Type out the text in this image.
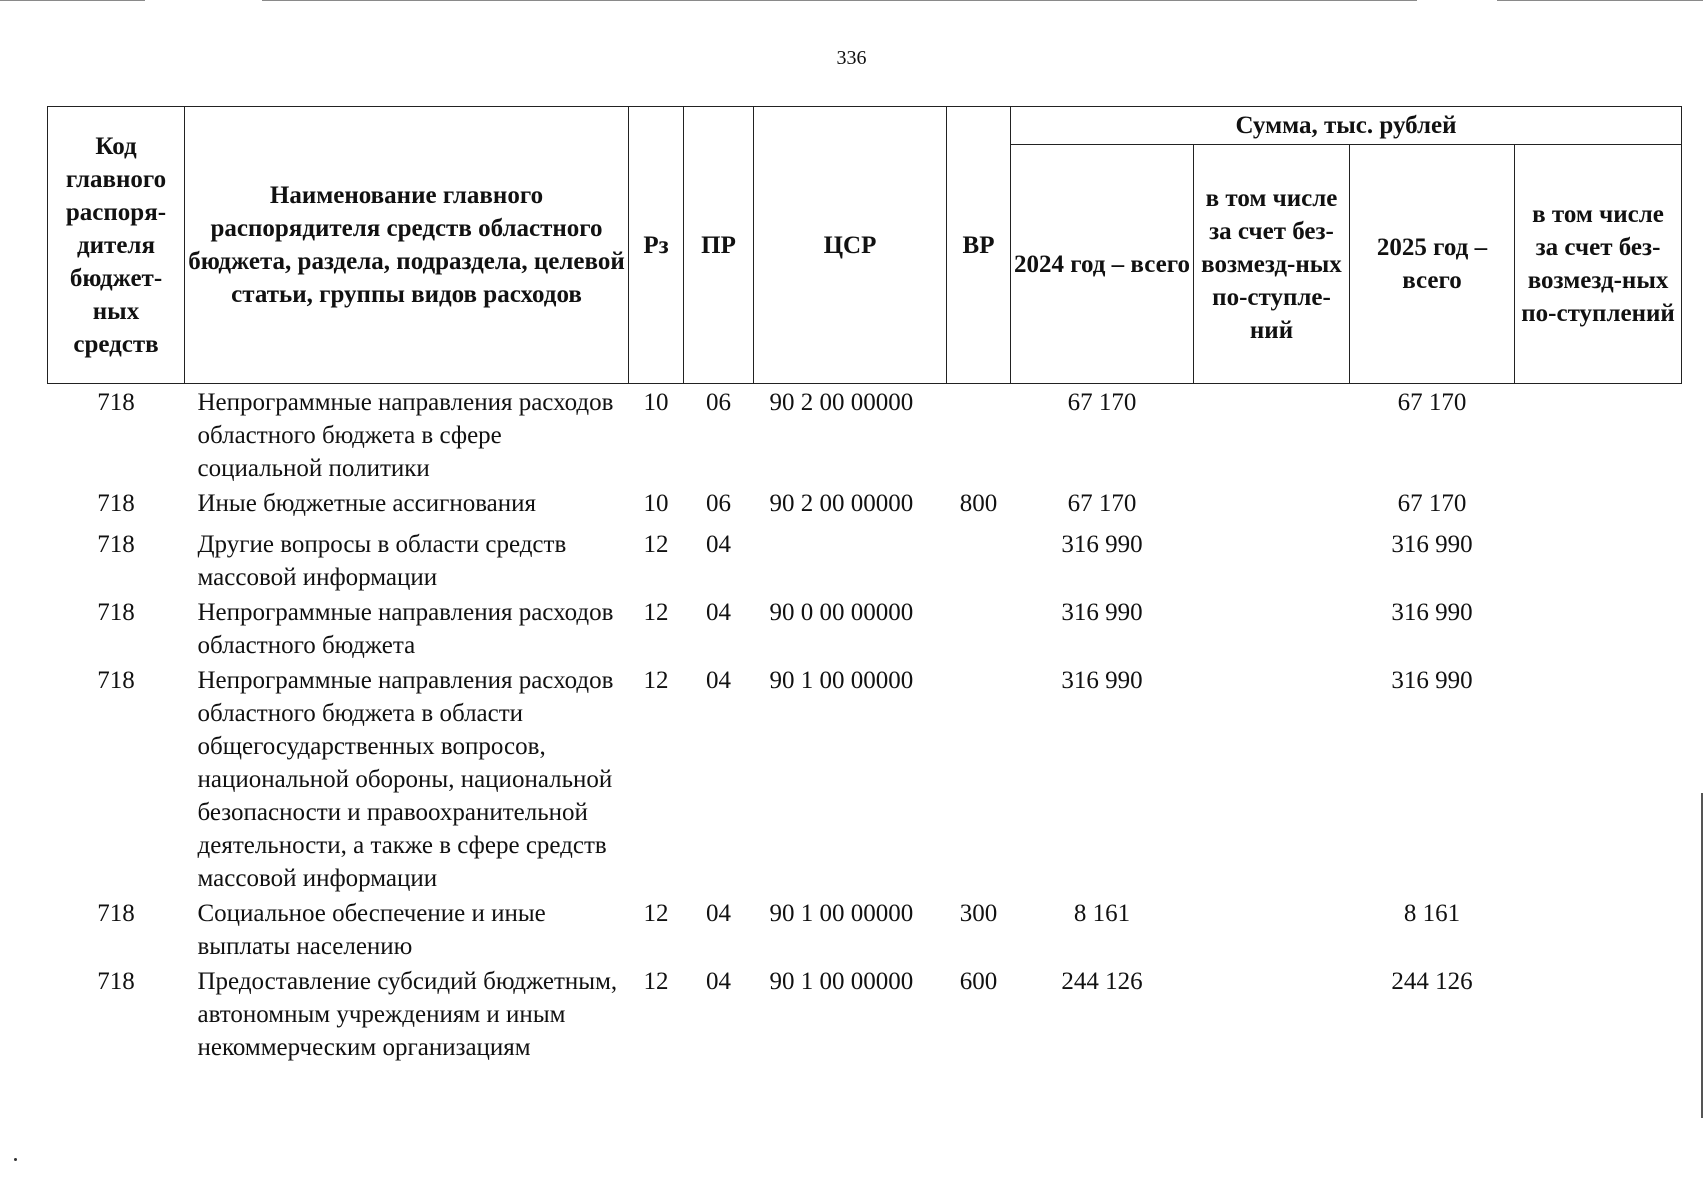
336
Код главного распоря-дителя бюджет-ных средств	Наименование главного распорядителя средств областного бюджета, раздела, подраздела, целевой статьи, группы видов расходов	Рз	ПР	ЦСР	ВР	Сумма, тыс. рублей			
						2024 год – всего	в том числе за счет без-возмезд-ных по-ступле-ний	2025 год – всего	в том числе за счет без-возмезд-ных по-ступлений
718	Непрограммные направления расходов областного бюджета в сфере социальной политики	10	06	90 2 00 00000		67 170		67 170	
718	Иные бюджетные ассигнования	10	06	90 2 00 00000	800	67 170		67 170	
718	Другие вопросы в области средств массовой информации	12	04			316 990		316 990	
718	Непрограммные направления расходов областного бюджета	12	04	90 0 00 00000		316 990		316 990	
718	Непрограммные направления расходов областного бюджета в области общегосударственных вопросов, национальной обороны, национальной безопасности и правоохранительной деятельности, а также в сфере средств массовой информации	12	04	90 1 00 00000		316 990		316 990	
718	Социальное обеспечение и иные выплаты населению	12	04	90 1 00 00000	300	8 161		8 161	
718	Предоставление субсидий бюджетным, автономным учреждениям и иным некоммерческим организациям	12	04	90 1 00 00000	600	244 126		244 126	
